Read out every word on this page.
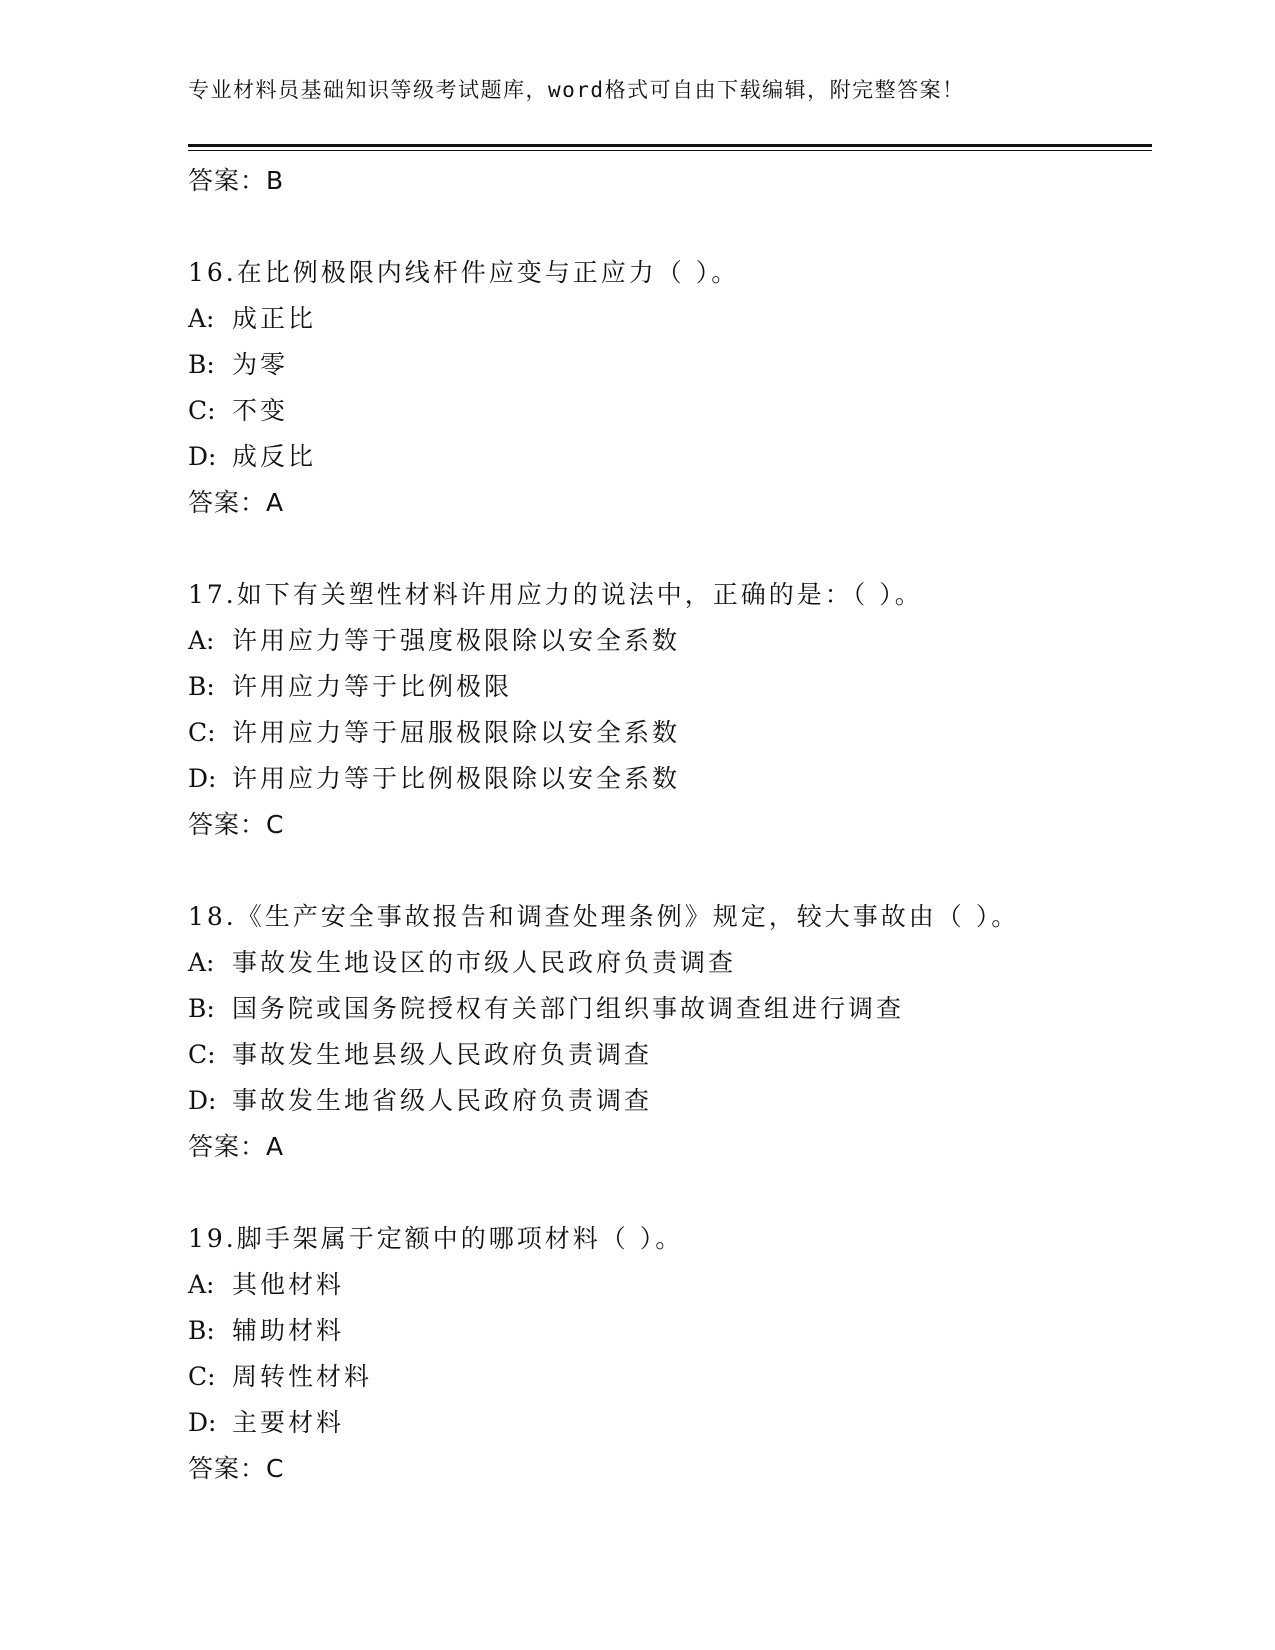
专业材料员基础知识等级考试题库，word格式可自由下载编辑，附完整答案！
答案：B
16.在比例极限内线杆件应变与正应力（ ）。
A: 成正比
B: 为零
C: 不变
D: 成反比
答案：A
17.如下有关塑性材料许用应力的说法中，正确的是：（ ）。
A: 许用应力等于强度极限除以安全系数
B: 许用应力等于比例极限
C: 许用应力等于屈服极限除以安全系数
D: 许用应力等于比例极限除以安全系数
答案：C
18.《生产安全事故报告和调查处理条例》规定，较大事故由（ ）。
A: 事故发生地设区的市级人民政府负责调查
B: 国务院或国务院授权有关部门组织事故调查组进行调查
C: 事故发生地县级人民政府负责调查
D: 事故发生地省级人民政府负责调查
答案：A
19.脚手架属于定额中的哪项材料（ ）。
A: 其他材料
B: 辅助材料
C: 周转性材料
D: 主要材料
答案：C
